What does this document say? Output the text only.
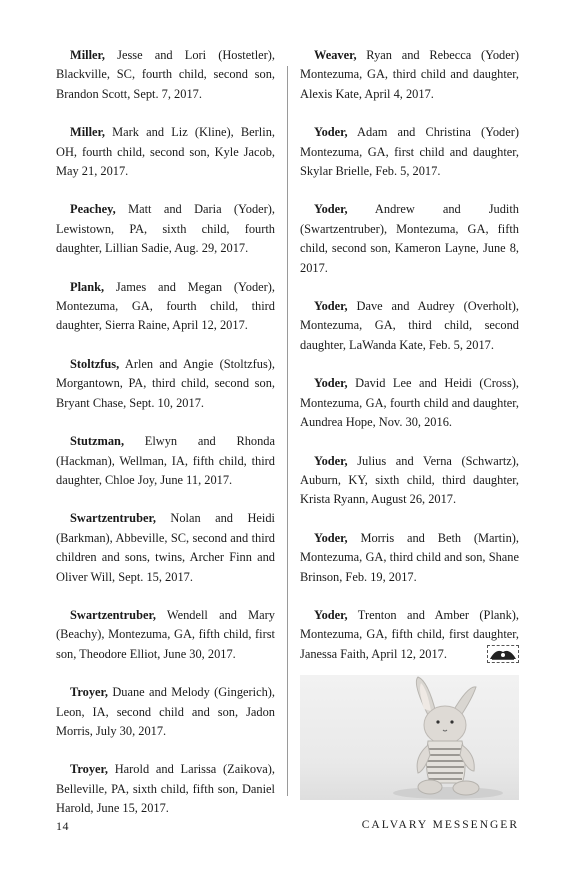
Miller, Jesse and Lori (Hostetler), Blackville, SC, fourth child, second son, Brandon Scott, Sept. 7, 2017.

Miller, Mark and Liz (Kline), Berlin, OH, fourth child, second son, Kyle Jacob, May 21, 2017.

Peachey, Matt and Daria (Yoder), Lewistown, PA, sixth child, fourth daughter, Lillian Sadie, Aug. 29, 2017.

Plank, James and Megan (Yoder), Montezuma, GA, fourth child, third daughter, Sierra Raine, April 12, 2017.

Stoltzfus, Arlen and Angie (Stoltzfus), Morgantown, PA, third child, second son, Bryant Chase, Sept. 10, 2017.

Stutzman, Elwyn and Rhonda (Hackman), Wellman, IA, fifth child, third daughter, Chloe Joy, June 11, 2017.

Swartzentruber, Nolan and Heidi (Barkman), Abbeville, SC, second and third children and sons, twins, Archer Finn and Oliver Will, Sept. 15, 2017.

Swartzentruber, Wendell and Mary (Beachy), Montezuma, GA, fifth child, first son, Theodore Elliot, June 30, 2017.

Troyer, Duane and Melody (Gingerich), Leon, IA, second child and son, Jadon Morris, July 30, 2017.

Troyer, Harold and Larissa (Zaikova), Belleville, PA, sixth child, fifth son, Daniel Harold, June 15, 2017.

Weaver, Ryan and Rebecca (Yoder) Montezuma, GA, third child and daughter, Alexis Kate, April 4, 2017.

Yoder, Adam and Christina (Yoder) Montezuma, GA, first child and daughter, Skylar Brielle, Feb. 5, 2017.

Yoder, Andrew and Judith (Swartzentruber), Montezuma, GA, fifth child, second son, Kameron Layne, June 8, 2017.

Yoder, Dave and Audrey (Overholt), Montezuma, GA, third child, second daughter, LaWanda Kate, Feb. 5, 2017.

Yoder, David Lee and Heidi (Cross), Montezuma, GA, fourth child and daughter, Aundrea Hope, Nov. 30, 2016.

Yoder, Julius and Verna (Schwartz), Auburn, KY, sixth child, third daughter, Krista Ryann, August 26, 2017.

Yoder, Morris and Beth (Martin), Montezuma, GA, third child and son, Shane Brinson, Feb. 19, 2017.

Yoder, Trenton and Amber (Plank), Montezuma, GA, fifth child, first daughter, Janessa Faith, April 12, 2017.

14	CALVARY MESSENGER
